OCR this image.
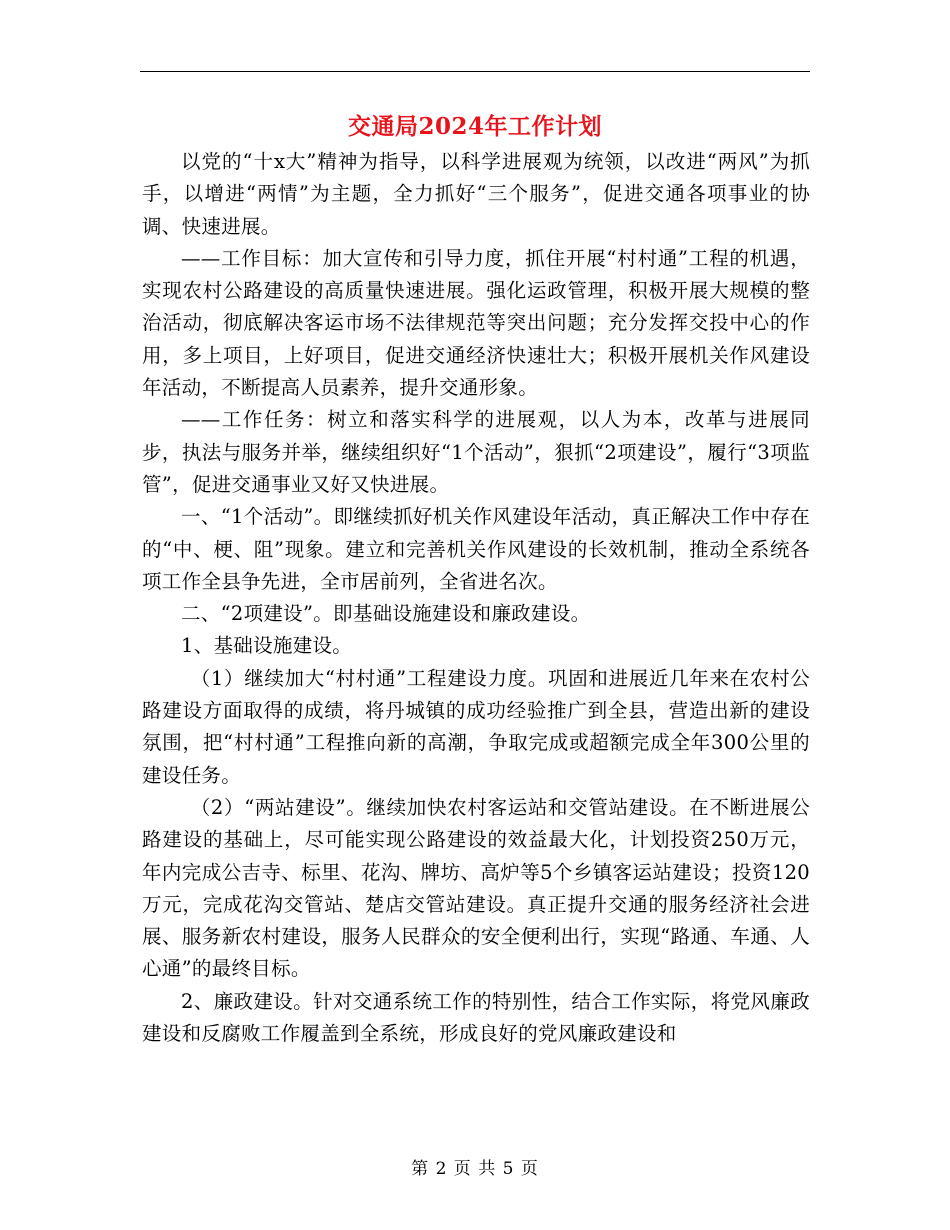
交通局2024年工作计划

以党的“十x大”精神为指导，以科学进展观为统领，以改进“两风”为抓手，以增进“两情”为主题，全力抓好“三个服务”，促进交通各项事业的协调、快速进展。

——工作目标：加大宣传和引导力度，抓住开展“村村通”工程的机遇，实现农村公路建设的高质量快速进展。强化运政管理，积极开展大规模的整治活动，彻底解决客运市场不法律规范等突出问题；充分发挥交投中心的作用，多上项目，上好项目，促进交通经济快速壮大；积极开展机关作风建设年活动，不断提高人员素养，提升交通形象。

——工作任务：树立和落实科学的进展观，以人为本，改革与进展同步，执法与服务并举，继续组织好“1个活动”，狠抓“2项建设”，履行“3项监管”，促进交通事业又好又快进展。

一、“1个活动”。即继续抓好机关作风建设年活动，真正解决工作中存在的“中、梗、阻”现象。建立和完善机关作风建设的长效机制，推动全系统各项工作全县争先进，全市居前列，全省进名次。

二、“2项建设”。即基础设施建设和廉政建设。

1、基础设施建设。

（1）继续加大“村村通”工程建设力度。巩固和进展近几年来在农村公路建设方面取得的成绩，将丹城镇的成功经验推广到全县，营造出新的建设氛围，把“村村通”工程推向新的高潮，争取完成或超额完成全年300公里的建设任务。

（2）“两站建设”。继续加快农村客运站和交管站建设。在不断进展公路建设的基础上，尽可能实现公路建设的效益最大化，计划投资250万元，年内完成公吉寺、标里、花沟、牌坊、高炉等5个乡镇客运站建设；投资120万元，完成花沟交管站、楚店交管站建设。真正提升交通的服务经济社会进展、服务新农村建设，服务人民群众的安全便利出行，实现“路通、车通、人心通”的最终目标。

2、廉政建设。针对交通系统工作的特别性，结合工作实际，将党风廉政建设和反腐败工作履盖到全系统，形成良好的党风廉政建设和

第 2 页 共 5 页
